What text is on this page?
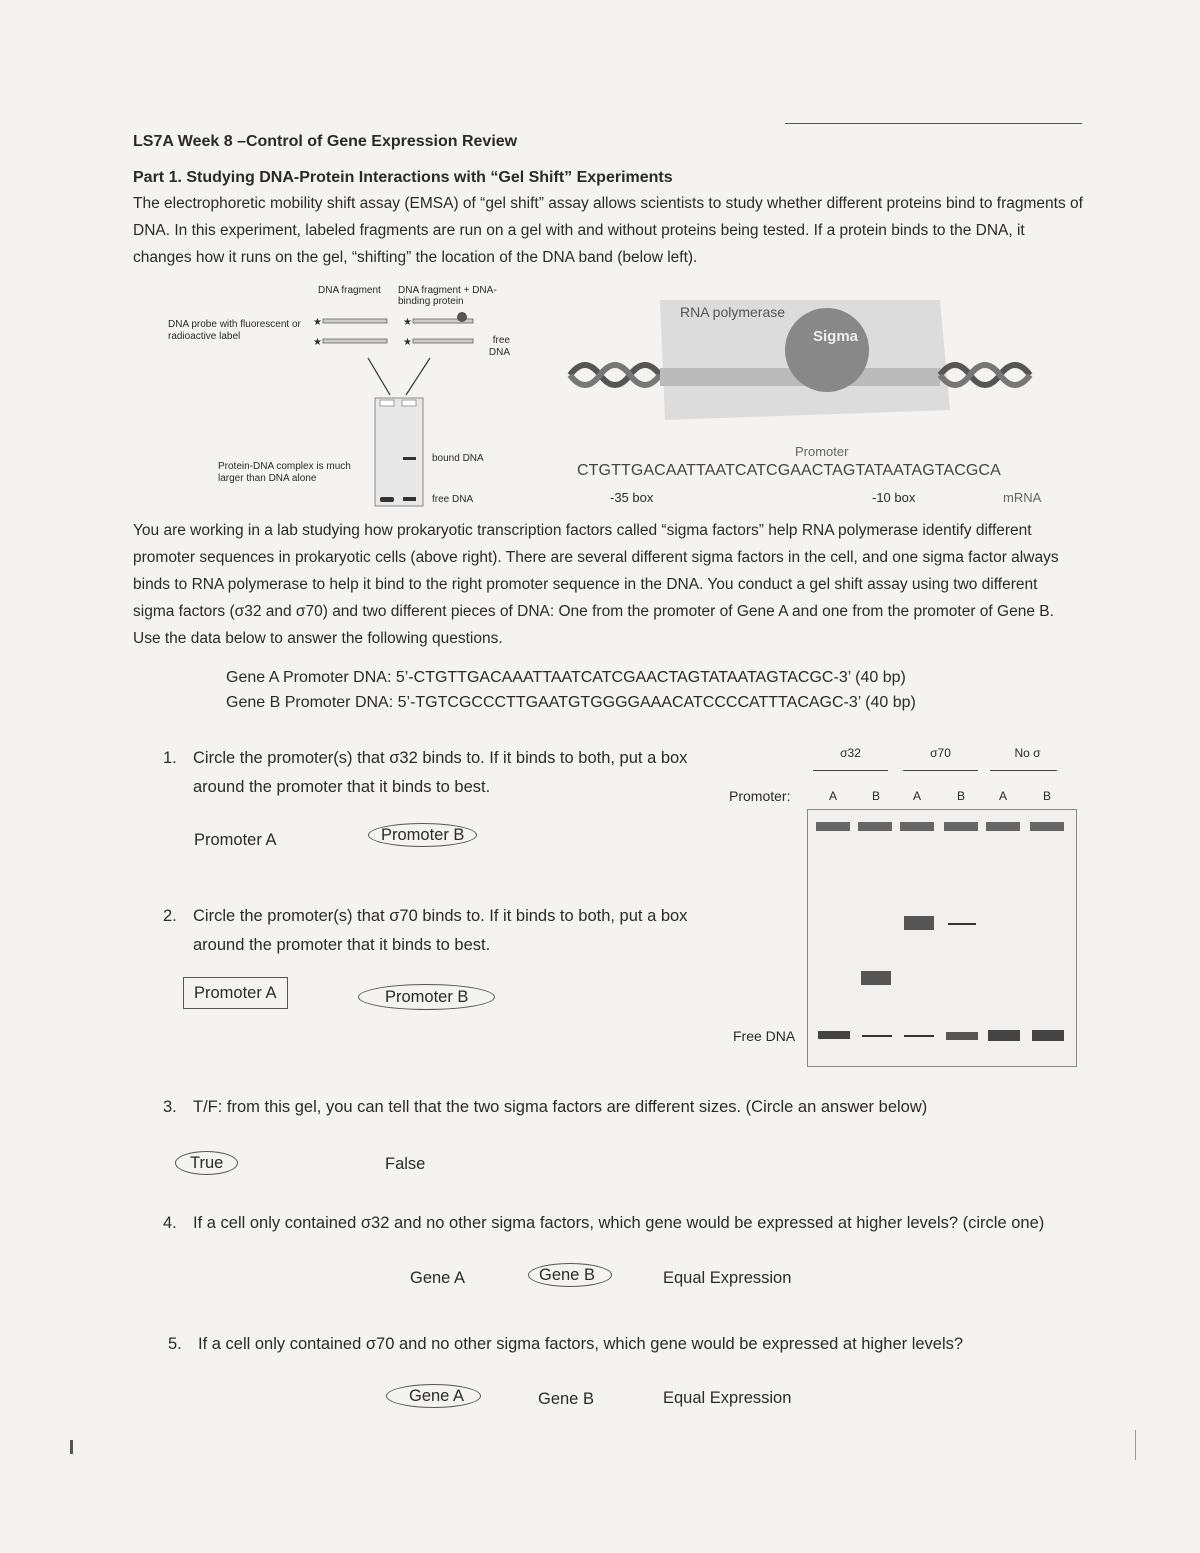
LS7A Week 8 –Control of Gene Expression Review
Part 1. Studying DNA-Protein Interactions with “Gel Shift” Experiments
The electrophoretic mobility shift assay (EMSA) of “gel shift” assay allows scientists to study whether different proteins bind to fragments of DNA. In this experiment, labeled fragments are run on a gel with and without proteins being tested. If a protein binds to the DNA, it changes how it runs on the gel, “shifting” the location of the DNA band (below left).
DNA fragment DNA fragment + DNA-binding protein
DNA probe with fluorescent or radioactive label
★
★
★
★	free DNA
Protein-DNA complex is much larger than DNA alone
bound DNA
free DNA
RNA polymerase
Sigma
Promoter
CTGTTGACAATTAATCATCGAACTAGTATAATAGTACGCA
-35 box	-10 box	mRNA
You are working in a lab studying how prokaryotic transcription factors called “sigma factors” help RNA polymerase identify different promoter sequences in prokaryotic cells (above right). There are several different sigma factors in the cell, and one sigma factor always binds to RNA polymerase to help it bind to the right promoter sequence in the DNA. You conduct a gel shift assay using two different sigma factors (σ32 and σ70) and two different pieces of DNA: One from the promoter of Gene A and one from the promoter of Gene B. Use the data below to answer the following questions.
Gene A Promoter DNA: 5’-CTGTTGACAAATTAATCATCGAACTAGTATAATAGTACGC-3’ (40 bp)
Gene B Promoter DNA: 5’-TGTCGCCCTTGAATGTGGGGAAACATCCCCATTTACAGC-3’ (40 bp)
1. Circle the promoter(s) that σ32 binds to. If it binds to both, put a box around the promoter that it binds to best.
Promoter A	Promoter B
2. Circle the promoter(s) that σ70 binds to. If it binds to both, put a box around the promoter that it binds to best.
Promoter A	Promoter B
σ32	σ70	No σ
Promoter:	A	B	A	B	A	B
Free DNA
3. T/F: from this gel, you can tell that the two sigma factors are different sizes. (Circle an answer below)
True	False
4. If a cell only contained σ32 and no other sigma factors, which gene would be expressed at higher levels? (circle one)
Gene A	Gene B	Equal Expression
5. If a cell only contained σ70 and no other sigma factors, which gene would be expressed at higher levels?
Gene A	Gene B	Equal Expression
